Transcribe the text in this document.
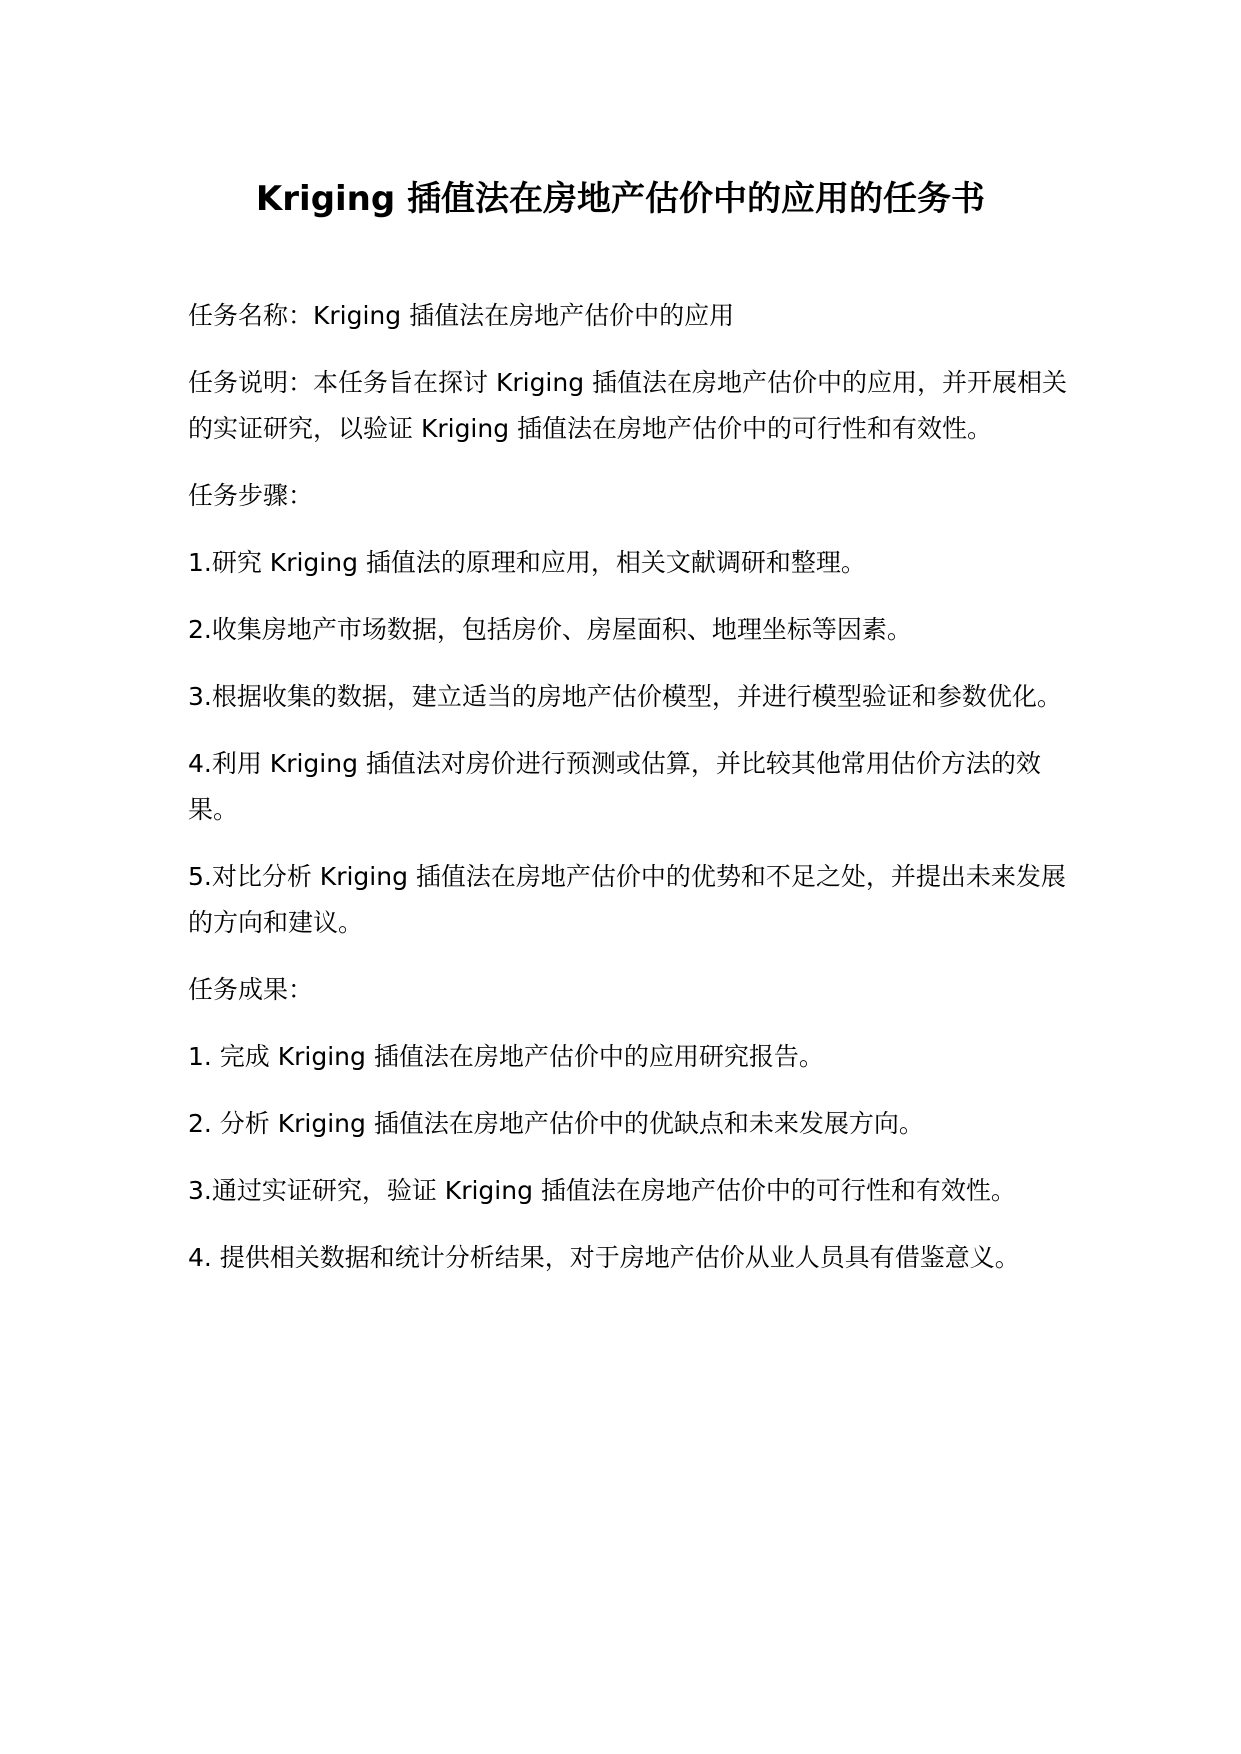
Kriging 插值法在房地产估价中的应用的任务书

任务名称：Kriging 插值法在房地产估价中的应用

任务说明：本任务旨在探讨 Kriging 插值法在房地产估价中的应用，并开展相关的实证研究，以验证 Kriging 插值法在房地产估价中的可行性和有效性。

任务步骤：

1.研究 Kriging 插值法的原理和应用，相关文献调研和整理。

2.收集房地产市场数据，包括房价、房屋面积、地理坐标等因素。

3.根据收集的数据，建立适当的房地产估价模型，并进行模型验证和参数优化。

4.利用 Kriging 插值法对房价进行预测或估算，并比较其他常用估价方法的效果。

5.对比分析 Kriging 插值法在房地产估价中的优势和不足之处，并提出未来发展的方向和建议。

任务成果：

1. 完成 Kriging 插值法在房地产估价中的应用研究报告。

2. 分析 Kriging 插值法在房地产估价中的优缺点和未来发展方向。

3.通过实证研究，验证 Kriging 插值法在房地产估价中的可行性和有效性。

4. 提供相关数据和统计分析结果，对于房地产估价从业人员具有借鉴意义。
